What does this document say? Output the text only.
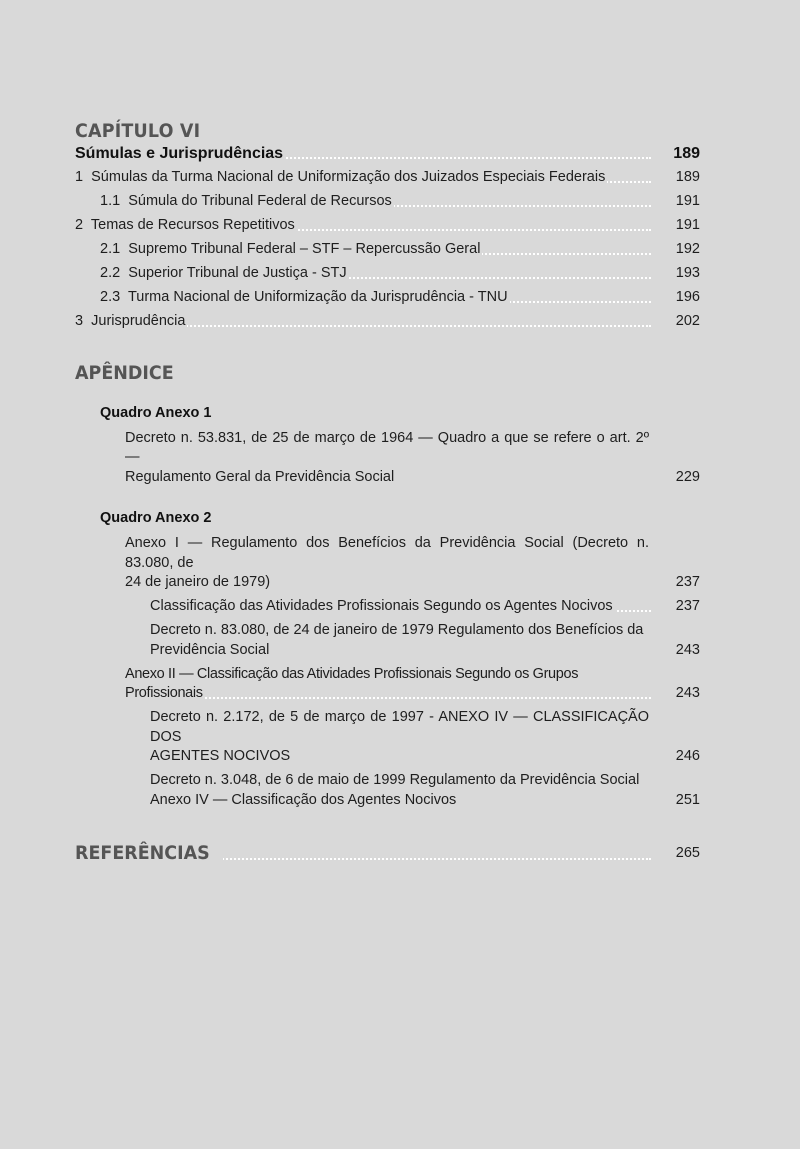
CAPÍTULO VI
Súmulas e Jurisprudências	189
1 Súmulas da Turma Nacional de Uniformização dos Juizados Especiais Federais	189
1.1 Súmula do Tribunal Federal de Recursos	191
2 Temas de Recursos Repetitivos	191
2.1 Supremo Tribunal Federal – STF – Repercussão Geral	192
2.2 Superior Tribunal de Justiça - STJ	193
2.3 Turma Nacional de Uniformização da Jurisprudência - TNU	196
3 Jurisprudência	202
APÊNDICE
Quadro Anexo 1
Decreto n. 53.831, de 25 de março de 1964 — Quadro a que se refere o art. 2º —
Regulamento Geral da Previdência Social	229
Quadro Anexo 2
Anexo I — Regulamento dos Benefícios da Previdência Social (Decreto n. 83.080, de
24 de janeiro de 1979)	237
Classificação das Atividades Profissionais Segundo os Agentes Nocivos	237
Decreto n. 83.080, de 24 de janeiro de 1979 Regulamento dos Benefícios da
Previdência Social	243
Anexo II — Classificação das Atividades Profissionais Segundo os Grupos Profissionais	243
Decreto n. 2.172, de 5 de março de 1997 - ANEXO IV — CLASSIFICAÇÃO DOS
AGENTES NOCIVOS	246
Decreto n. 3.048, de 6 de maio de 1999 Regulamento da Previdência Social
Anexo IV — Classificação dos Agentes Nocivos	251
REFERÊNCIAS	265
